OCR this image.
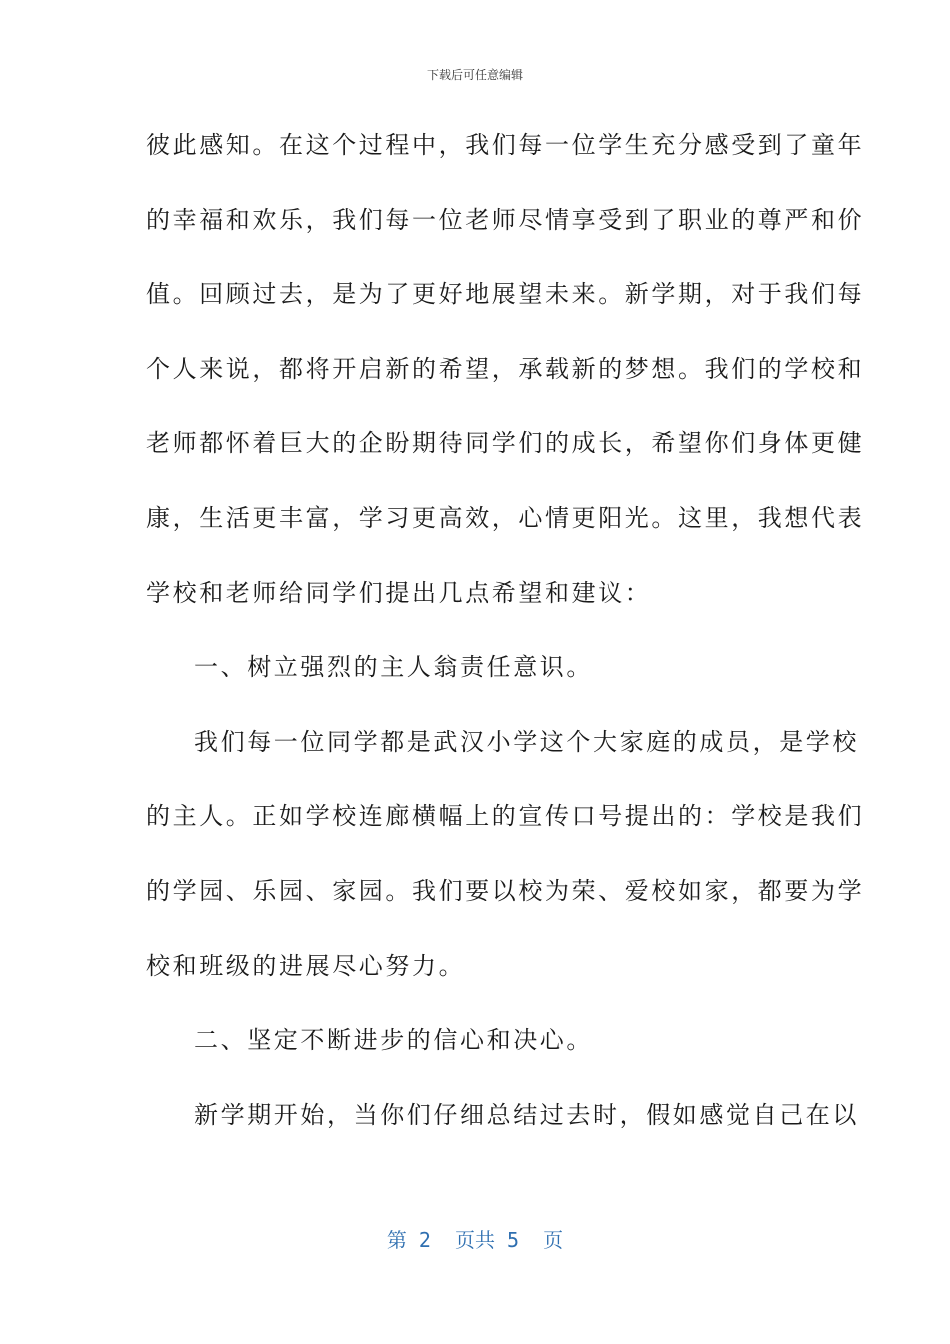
下载后可任意编辑
彼此感知。在这个过程中，我们每一位学生充分感受到了童年
的幸福和欢乐，我们每一位老师尽情享受到了职业的尊严和价
值。回顾过去，是为了更好地展望未来。新学期，对于我们每
个人来说，都将开启新的希望，承载新的梦想。我们的学校和
老师都怀着巨大的企盼期待同学们的成长，希望你们身体更健
康，生活更丰富，学习更高效，心情更阳光。这里，我想代表
学校和老师给同学们提出几点希望和建议：
一、树立强烈的主人翁责任意识。
我们每一位同学都是武汉小学这个大家庭的成员，是学校
的主人。正如学校连廊横幅上的宣传口号提出的：学校是我们
的学园、乐园、家园。我们要以校为荣、爱校如家，都要为学
校和班级的进展尽心努力。
二、坚定不断进步的信心和决心。
新学期开始，当你们仔细总结过去时，假如感觉自己在以
第 2  页共 5  页
